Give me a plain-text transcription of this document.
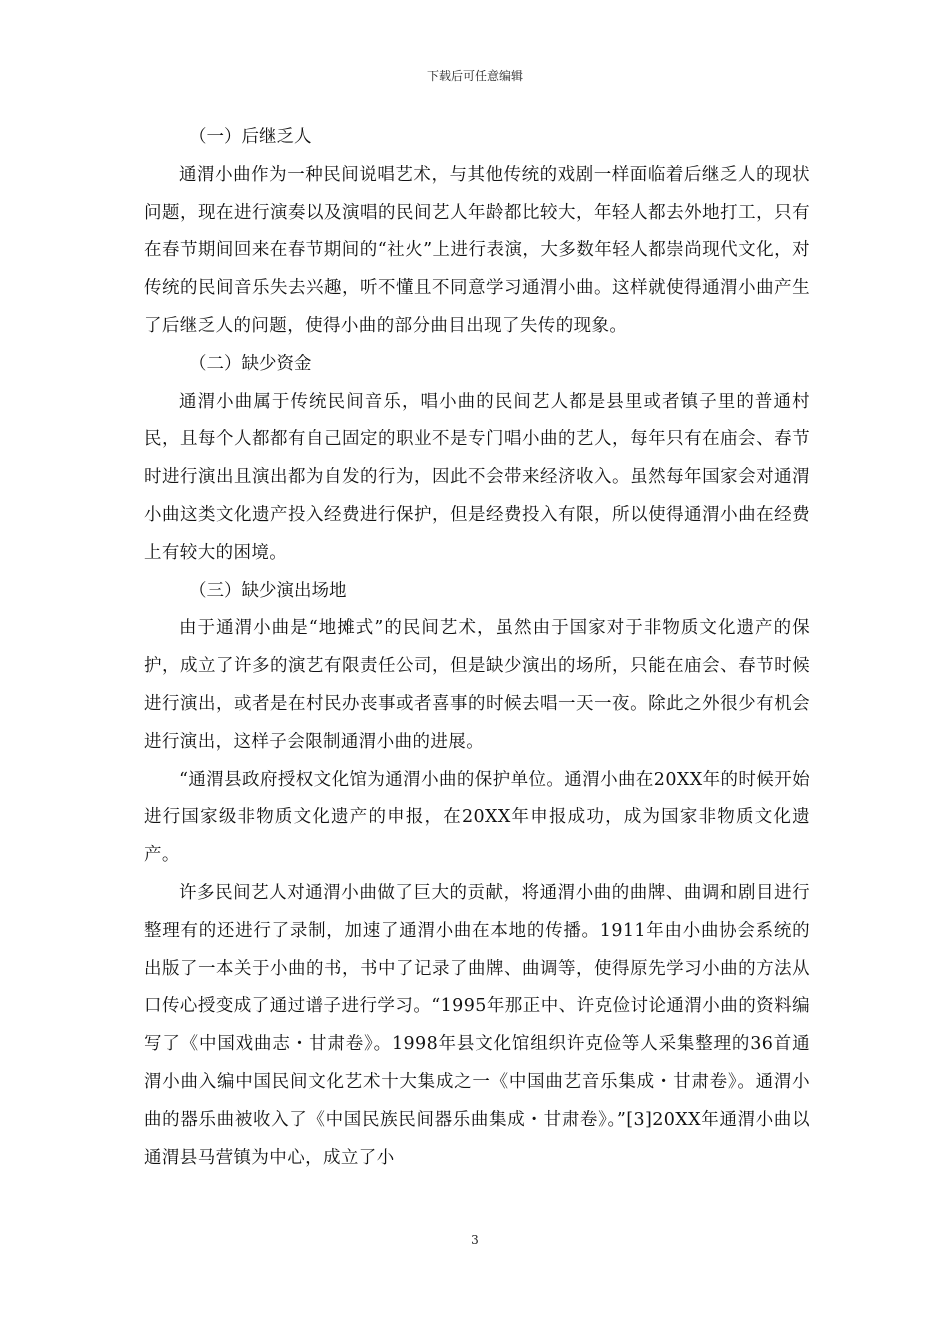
下载后可任意编辑

（一）后继乏人

通渭小曲作为一种民间说唱艺术，与其他传统的戏剧一样面临着后继乏人的现状问题，现在进行演奏以及演唱的民间艺人年龄都比较大，年轻人都去外地打工，只有在春节期间回来在春节期间的“社火”上进行表演，大多数年轻人都崇尚现代文化，对传统的民间音乐失去兴趣，听不懂且不同意学习通渭小曲。这样就使得通渭小曲产生了后继乏人的问题，使得小曲的部分曲目出现了失传的现象。

（二）缺少资金

通渭小曲属于传统民间音乐，唱小曲的民间艺人都是县里或者镇子里的普通村民，且每个人都都有自己固定的职业不是专门唱小曲的艺人，每年只有在庙会、春节时进行演出且演出都为自发的行为，因此不会带来经济收入。虽然每年国家会对通渭小曲这类文化遗产投入经费进行保护，但是经费投入有限，所以使得通渭小曲在经费上有较大的困境。

（三）缺少演出场地

由于通渭小曲是“地摊式”的民间艺术，虽然由于国家对于非物质文化遗产的保护，成立了许多的演艺有限责任公司，但是缺少演出的场所，只能在庙会、春节时候进行演出，或者是在村民办丧事或者喜事的时候去唱一天一夜。除此之外很少有机会进行演出，这样子会限制通渭小曲的进展。

“通渭县政府授权文化馆为通渭小曲的保护单位。通渭小曲在20XX年的时候开始进行国家级非物质文化遗产的申报，在20XX年申报成功，成为国家非物质文化遗产。

许多民间艺人对通渭小曲做了巨大的贡献，将通渭小曲的曲牌、曲调和剧目进行整理有的还进行了录制，加速了通渭小曲在本地的传播。1911年由小曲协会系统的出版了一本关于小曲的书，书中了记录了曲牌、曲调等，使得原先学习小曲的方法从口传心授变成了通过谱子进行学习。“1995年那正中、许克俭讨论通渭小曲的资料编写了《中国戏曲志・甘肃卷》。1998年县文化馆组织许克俭等人采集整理的36首通渭小曲入编中国民间文化艺术十大集成之一《中国曲艺音乐集成・甘肃卷》。通渭小曲的器乐曲被收入了《中国民族民间器乐曲集成・甘肃卷》。”[3]20XX年通渭小曲以通渭县马营镇为中心，成立了小

3
